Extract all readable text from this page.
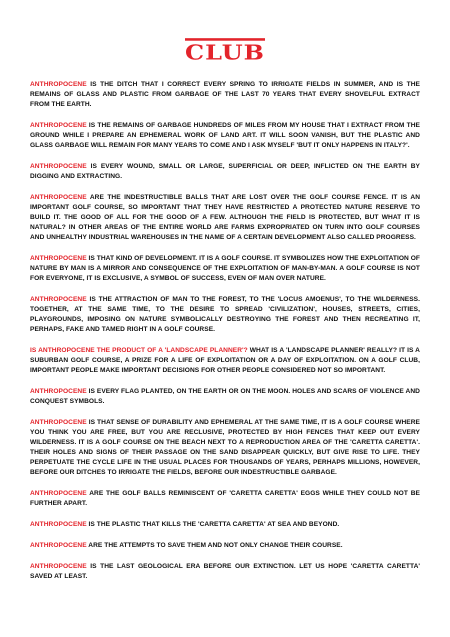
CLUB

ANTHROPOCENE IS THE DITCH THAT I CORRECT EVERY SPRING TO IRRIGATE FIELDS IN SUMMER, AND IS THE REMAINS OF GLASS AND PLASTIC FROM GARBAGE OF THE LAST 70 YEARS THAT EVERY SHOVELFUL EXTRACT FROM THE EARTH.

ANTHROPOCENE IS THE REMAINS OF GARBAGE HUNDREDS OF MILES FROM MY HOUSE THAT I EXTRACT FROM THE GROUND WHILE I PREPARE AN EPHEMERAL WORK OF LAND ART. IT WILL SOON VANISH, BUT THE PLASTIC AND GLASS GARBAGE WILL REMAIN FOR MANY YEARS TO COME AND I ASK MYSELF 'BUT IT ONLY HAPPENS IN ITALY?'.

ANTHROPOCENE IS EVERY WOUND, SMALL OR LARGE, SUPERFICIAL OR DEEP, INFLICTED ON THE EARTH BY DIGGING AND EXTRACTING.

ANTHROPOCENE ARE THE INDESTRUCTIBLE BALLS THAT ARE LOST OVER THE GOLF COURSE FENCE. IT IS AN IMPORTANT GOLF COURSE, SO IMPORTANT THAT THEY HAVE RESTRICTED A PROTECTED NATURE RESERVE TO BUILD IT. THE GOOD OF ALL FOR THE GOOD OF A FEW. ALTHOUGH THE FIELD IS PROTECTED, BUT WHAT IT IS NATURAL? IN OTHER AREAS OF THE ENTIRE WORLD ARE FARMS EXPROPRIATED ON TURN INTO GOLF COURSES AND UNHEALTHY INDUSTRIAL WAREHOUSES IN THE NAME OF A CERTAIN DEVELOPMENT ALSO CALLED PROGRESS.

ANTHROPOCENE IS THAT KIND OF DEVELOPMENT. IT IS A GOLF COURSE. IT SYMBOLIZES HOW THE EXPLOITATION OF NATURE BY MAN IS A MIRROR AND CONSEQUENCE OF THE EXPLOITATION OF MAN-BY-MAN. A GOLF COURSE IS NOT FOR EVERYONE, IT IS EXCLUSIVE, A SYMBOL OF SUCCESS, EVEN OF MAN OVER NATURE.

ANTHROPOCENE IS THE ATTRACTION OF MAN TO THE FOREST, TO THE 'LOCUS AMOENUS', TO THE WILDERNESS. TOGETHER, AT THE SAME TIME, TO THE DESIRE TO SPREAD 'CIVILIZATION', HOUSES, STREETS, CITIES, PLAYGROUNDS, IMPOSING ON NATURE SYMBOLICALLY DESTROYING THE FOREST AND THEN RECREATING IT, PERHAPS, FAKE AND TAMED RIGHT IN A GOLF COURSE.

IS ANTHROPOCENE THE PRODUCT OF A 'LANDSCAPE PLANNER'? WHAT IS A 'LANDSCAPE PLANNER' REALLY? IT IS A SUBURBAN GOLF COURSE, A PRIZE FOR A LIFE OF EXPLOITATION OR A DAY OF EXPLOITATION. ON A GOLF CLUB, IMPORTANT PEOPLE MAKE IMPORTANT DECISIONS FOR OTHER PEOPLE CONSIDERED NOT SO IMPORTANT.

ANTHROPOCENE IS EVERY FLAG PLANTED, ON THE EARTH OR ON THE MOON. HOLES AND SCARS OF VIOLENCE AND CONQUEST SYMBOLS.

ANTHROPOCENE IS THAT SENSE OF DURABILITY AND EPHEMERAL AT THE SAME TIME, IT IS A GOLF COURSE WHERE YOU THINK YOU ARE FREE, BUT YOU ARE RECLUSIVE, PROTECTED BY HIGH FENCES THAT KEEP OUT EVERY WILDERNESS. IT IS A GOLF COURSE ON THE BEACH NEXT TO A REPRODUCTION AREA OF THE 'CARETTA CARETTA'. THEIR HOLES AND SIGNS OF THEIR PASSAGE ON THE SAND DISAPPEAR QUICKLY, BUT GIVE RISE TO LIFE. THEY PERPETUATE THE CYCLE LIFE IN THE USUAL PLACES FOR THOUSANDS OF YEARS, PERHAPS MILLIONS, HOWEVER, BEFORE OUR DITCHES TO IRRIGATE THE FIELDS, BEFORE OUR INDESTRUCTIBLE GARBAGE.

ANTHROPOCENE ARE THE GOLF BALLS REMINISCENT OF 'CARETTA CARETTA' EGGS WHILE THEY COULD NOT BE FURTHER APART.

ANTHROPOCENE IS THE PLASTIC THAT KILLS THE 'CARETTA CARETTA' AT SEA AND BEYOND.

ANTHROPOCENE ARE THE ATTEMPTS TO SAVE THEM AND NOT ONLY CHANGE THEIR COURSE.

ANTHROPOCENE IS THE LAST GEOLOGICAL ERA BEFORE OUR EXTINCTION. LET US HOPE 'CARETTA CARETTA' SAVED AT LEAST.
